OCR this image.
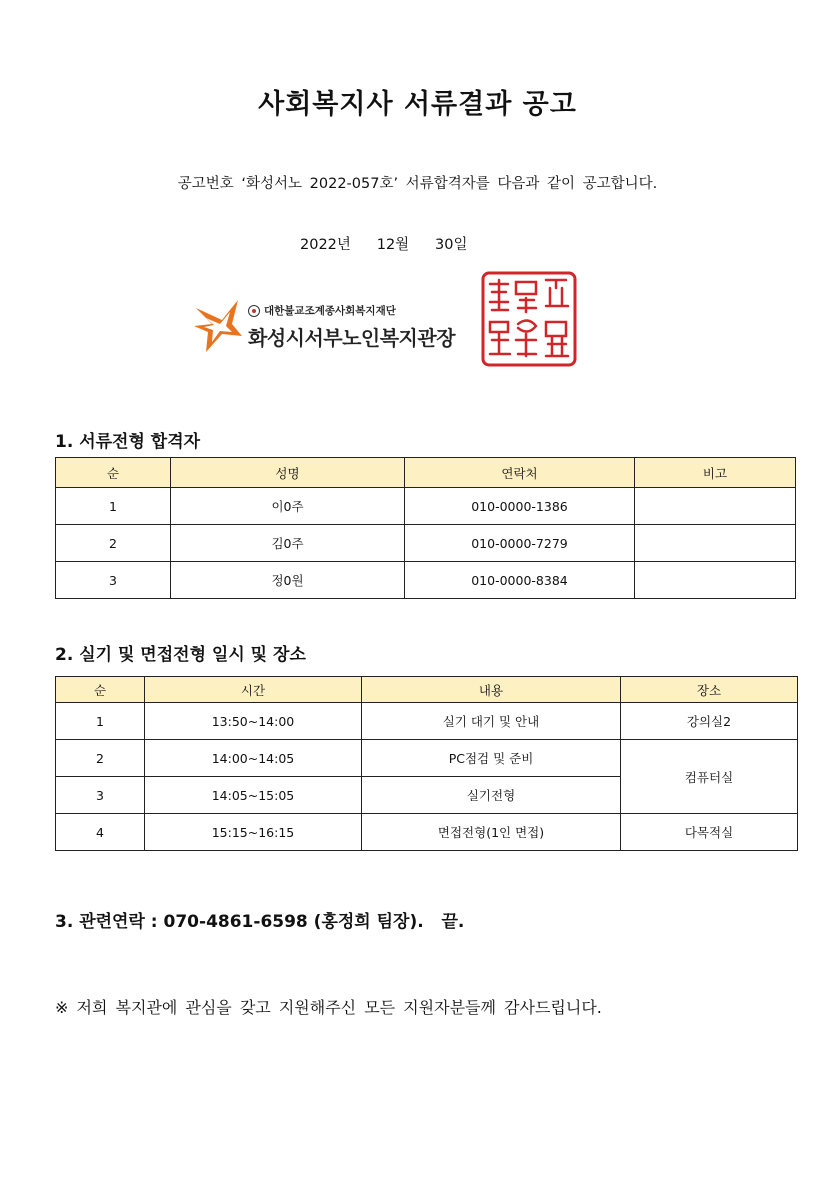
사회복지사 서류결과 공고
공고번호 ‘화성서노 2022-057호’ 서류합격자를 다음과 같이 공고합니다.
2022년   12월   30일
대한불교조계종사회복지재단
화성시서부노인복지관장
1. 서류전형 합격자
순	성명	연락처	비고
1	이0주	010-0000-1386	
2	김0주	010-0000-7279	
3	정0원	010-0000-8384	
2. 실기 및 면접전형 일시 및 장소
순	시간	내용	장소
1	13:50~14:00	실기 대기 및 안내	강의실2
2	14:00~14:05	PC점검 및 준비	컴퓨터실
3	14:05~15:05	실기전형	
4	15:15~16:15	면접전형(1인 면접)	다목적실
3. 관련연락 : 070-4861-6598 (홍정희 팀장).   끝.
※ 저희 복지관에 관심을 갖고 지원해주신 모든 지원자분들께 감사드립니다.
